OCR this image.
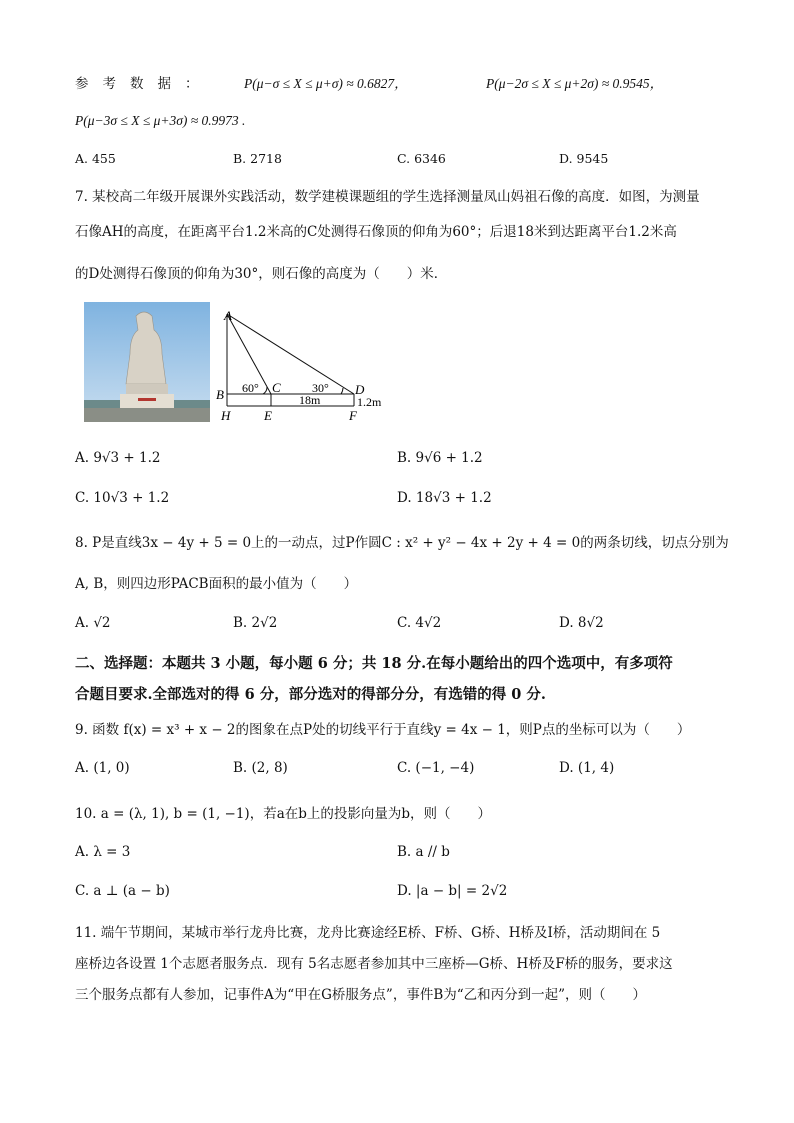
参考数据： P(μ−σ ≤ X ≤ μ+σ) ≈ 0.6827，	P(μ−2σ ≤ X ≤ μ+2σ) ≈ 0.9545，
P(μ−3σ ≤ X ≤ μ+3σ) ≈ 0.9973 .
A. 455	B. 2718	C. 6346	D. 9545
7. 某校高二年级开展课外实践活动，数学建模课题组的学生选择测量凤山妈祖石像的高度．如图，为测量
石像AH的高度，在距离平台1.2米高的C处测得石像顶的仰角为60°；后退18米到达距离平台1.2米高
的D处测得石像顶的仰角为30°，则石像的高度为（　　）米．
A
B	C	D
H	E	F
60°	30°
18m	1.2m
A. 9√3 + 1.2	B. 9√6 + 1.2
C. 10√3 + 1.2	D. 18√3 + 1.2
8. P是直线3x − 4y + 5 = 0上的一动点，过P作圆C : x² + y² − 4x + 2y + 4 = 0的两条切线，切点分别为
A, B，则四边形PACB面积的最小值为（　　）
A. √2	B. 2√2	C. 4√2	D. 8√2
二、选择题：本题共 3 小题，每小题 6 分；共 18 分.在每小题给出的四个选项中，有多项符
合题目要求.全部选对的得 6 分，部分选对的得部分分，有选错的得 0 分.
9. 函数 f(x) = x³ + x − 2的图象在点P处的切线平行于直线y = 4x − 1，则P点的坐标可以为（　　）
A. (1, 0)	B. (2, 8)	C. (−1, −4)	D. (1, 4)
10. a = (λ, 1), b = (1, −1)，若a在b上的投影向量为b，则（　　）
A. λ = 3	B. a // b
C. a ⊥ (a − b)	D. |a − b| = 2√2
11. 端午节期间，某城市举行龙舟比赛，龙舟比赛途经E桥、F桥、G桥、H桥及I桥，活动期间在 5
座桥边各设置 1个志愿者服务点．现有 5名志愿者参加其中三座桥—G桥、H桥及F桥的服务，要求这
三个服务点都有人参加，记事件A为“甲在G桥服务点”，事件B为“乙和丙分到一起”，则（　　）
